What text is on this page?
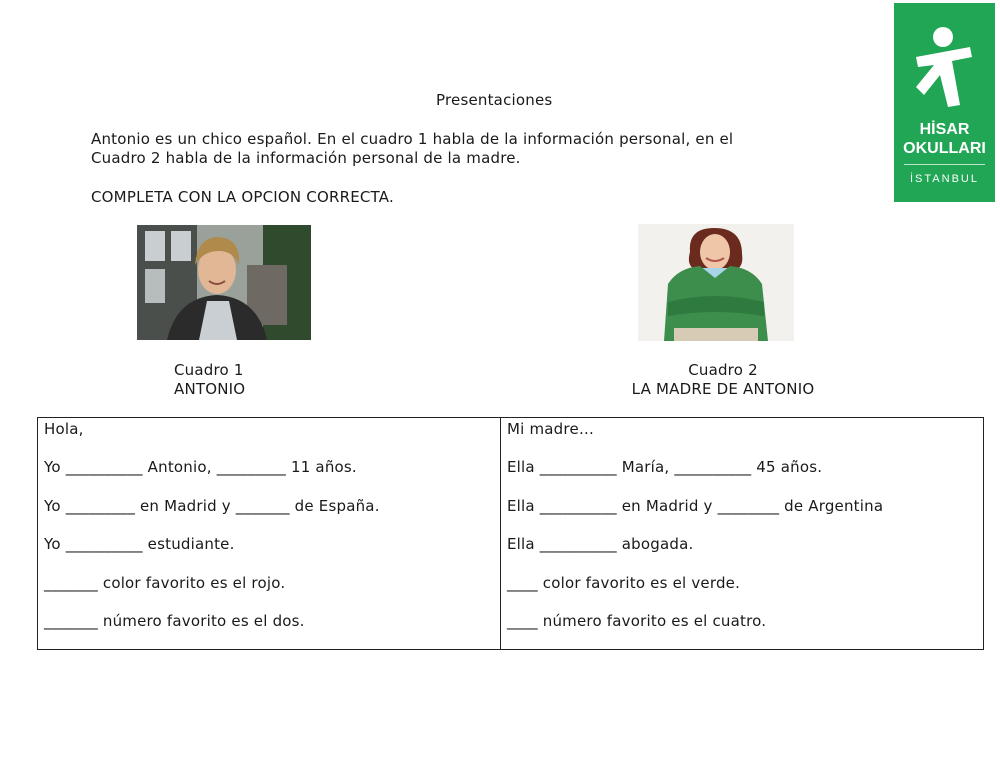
HİSAR
OKULLARI
İSTANBUL
Presentaciones
Antonio es un chico español. En el cuadro 1 habla de la información personal, en el
Cuadro 2 habla de la información personal de la madre.
COMPLETA CON LA OPCION CORRECTA.
Cuadro 1
ANTONIO
Cuadro 2
LA MADRE DE ANTONIO
Hola,
Yo __________ Antonio, _________ 11 años.
Yo _________ en Madrid y _______ de España.
Yo __________ estudiante.
_______ color favorito es el rojo.
_______ número favorito es el dos.
Mi madre…
Ella __________ María, __________ 45 años.
Ella __________ en Madrid y ________ de Argentina
Ella __________ abogada.
____ color favorito es el verde.
____ número favorito es el cuatro.
